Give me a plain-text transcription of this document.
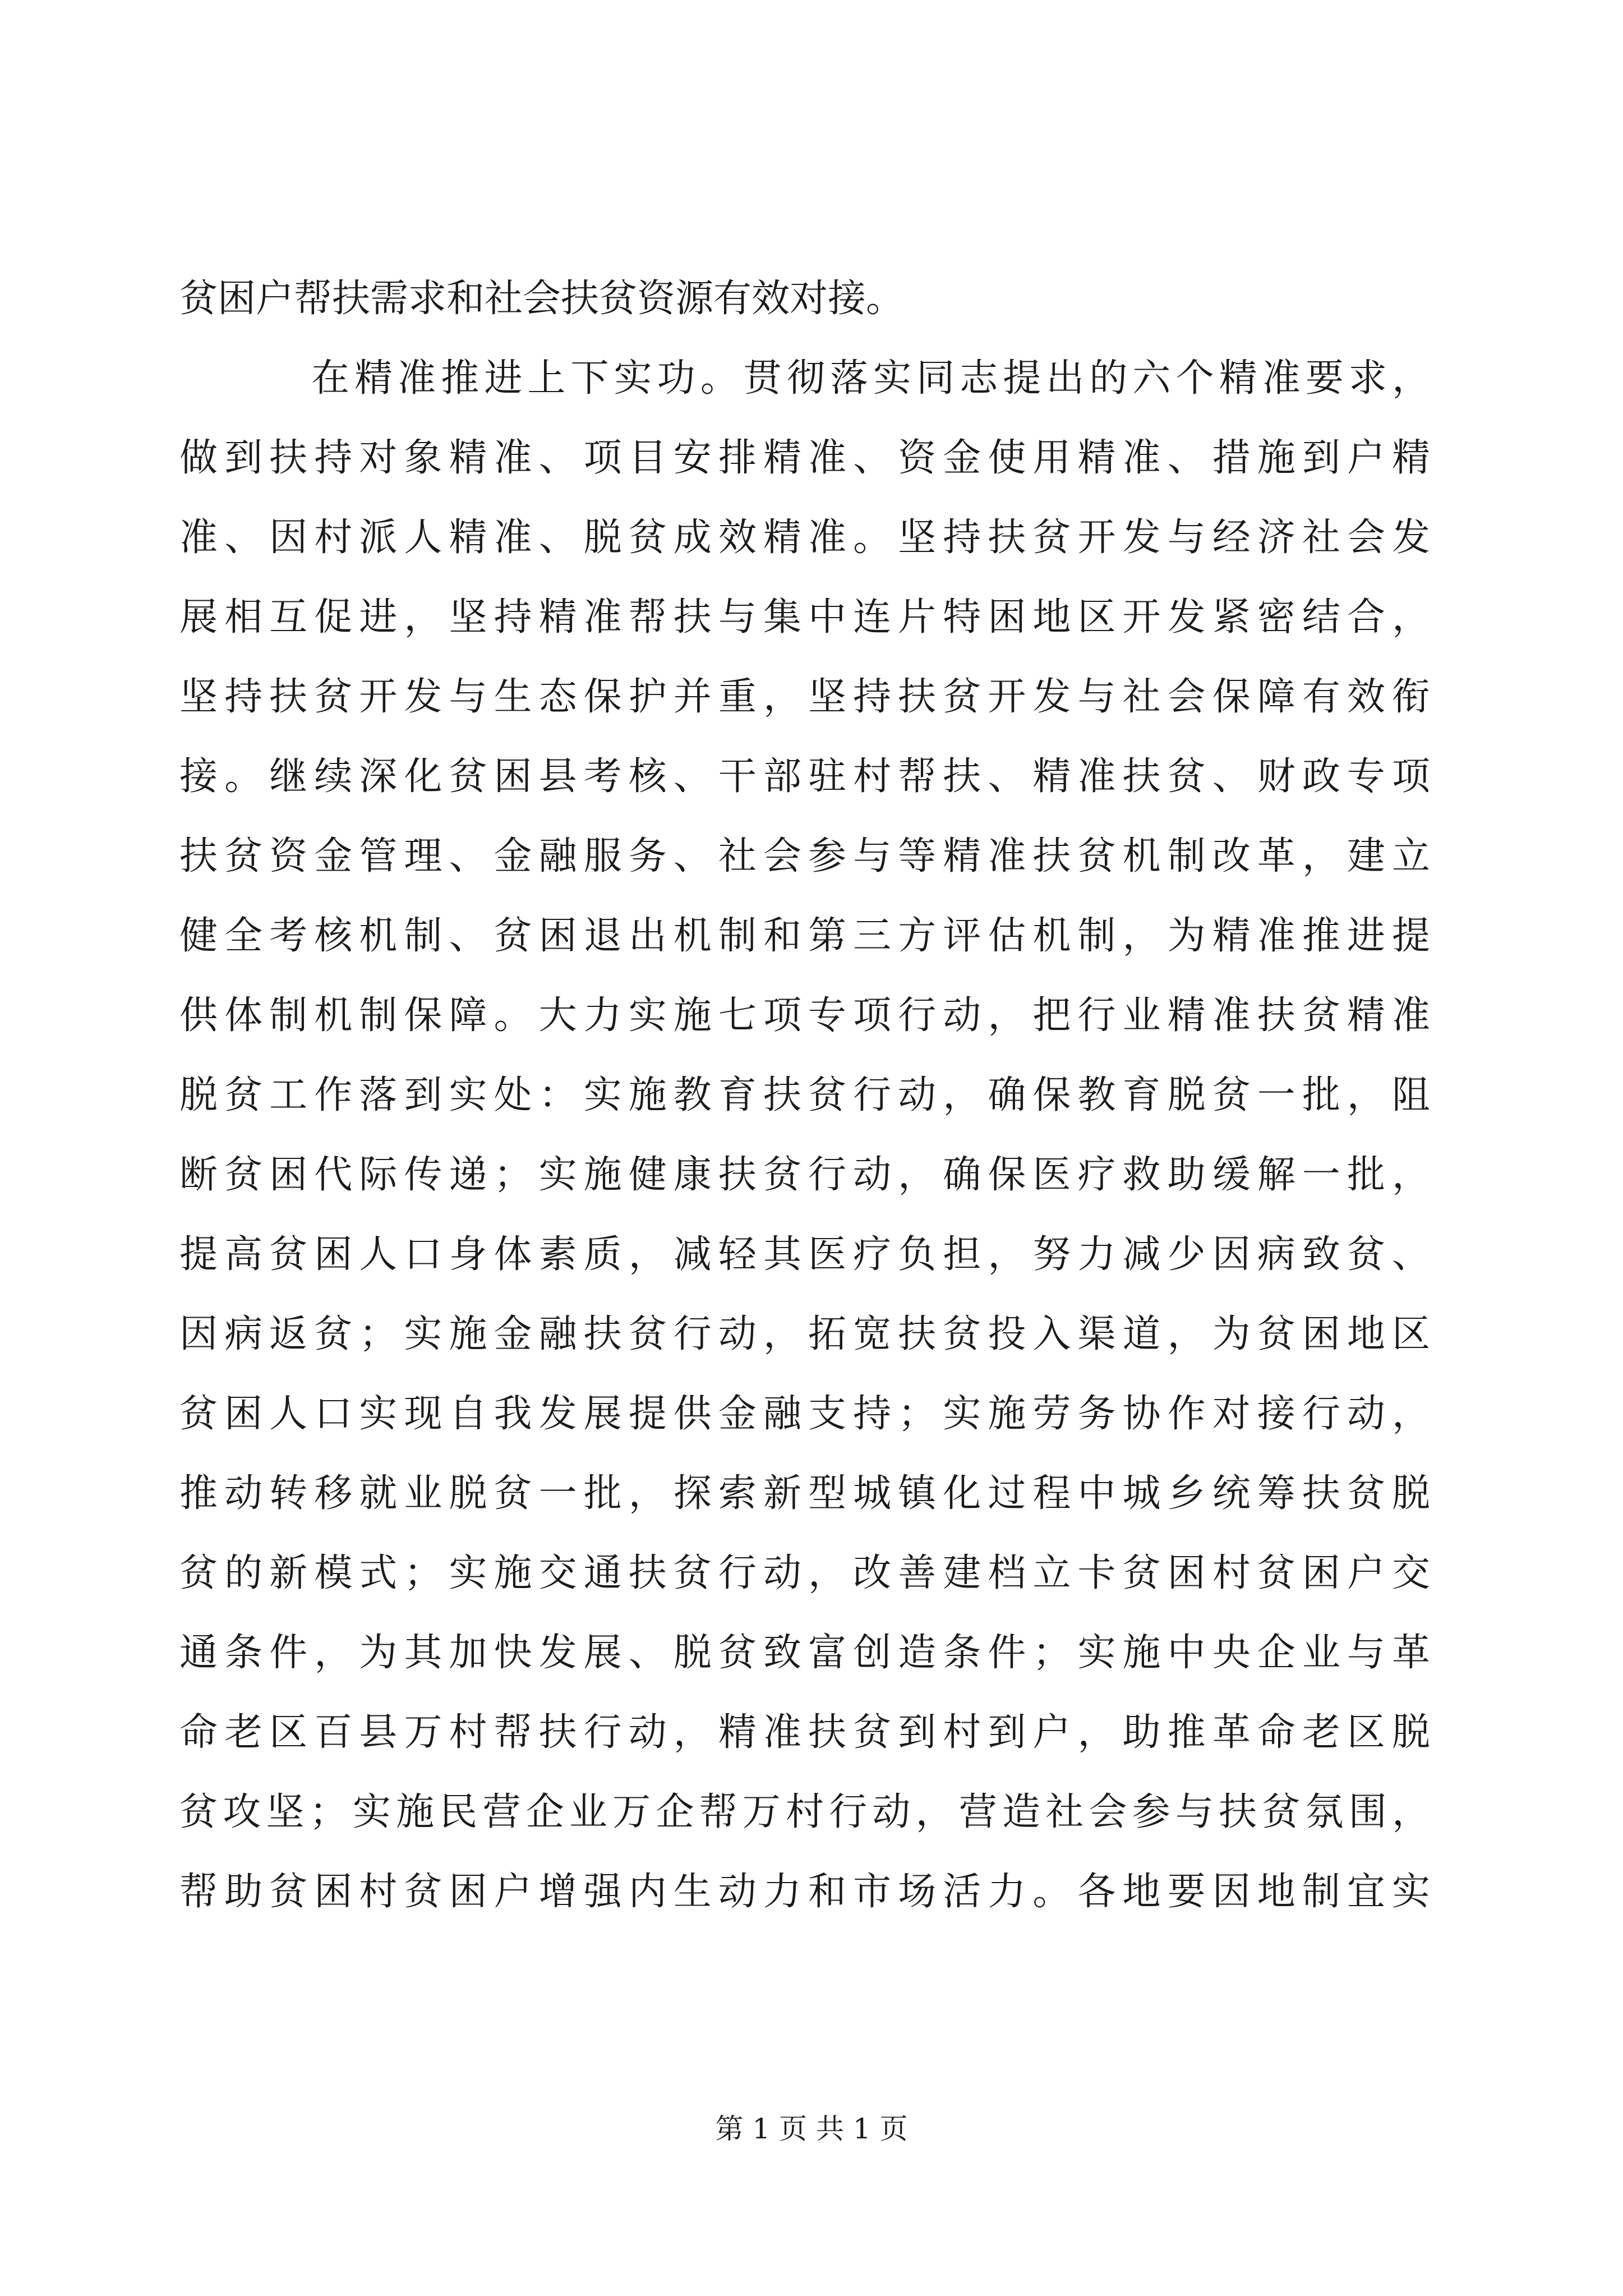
贫困户帮扶需求和社会扶贫资源有效对接。
在精准推进上下实功。贯彻落实同志提出的六个精准要求，
做到扶持对象精准、项目安排精准、资金使用精准、措施到户精
准、因村派人精准、脱贫成效精准。坚持扶贫开发与经济社会发
展相互促进，坚持精准帮扶与集中连片特困地区开发紧密结合，
坚持扶贫开发与生态保护并重，坚持扶贫开发与社会保障有效衔
接。继续深化贫困县考核、干部驻村帮扶、精准扶贫、财政专项
扶贫资金管理、金融服务、社会参与等精准扶贫机制改革，建立
健全考核机制、贫困退出机制和第三方评估机制，为精准推进提
供体制机制保障。大力实施七项专项行动，把行业精准扶贫精准
脱贫工作落到实处：实施教育扶贫行动，确保教育脱贫一批，阻
断贫困代际传递；实施健康扶贫行动，确保医疗救助缓解一批，
提高贫困人口身体素质，减轻其医疗负担，努力减少因病致贫、
因病返贫；实施金融扶贫行动，拓宽扶贫投入渠道，为贫困地区
贫困人口实现自我发展提供金融支持；实施劳务协作对接行动，
推动转移就业脱贫一批，探索新型城镇化过程中城乡统筹扶贫脱
贫的新模式；实施交通扶贫行动，改善建档立卡贫困村贫困户交
通条件，为其加快发展、脱贫致富创造条件；实施中央企业与革
命老区百县万村帮扶行动，精准扶贫到村到户，助推革命老区脱
贫攻坚；实施民营企业万企帮万村行动，营造社会参与扶贫氛围，
帮助贫困村贫困户增强内生动力和市场活力。各地要因地制宜实
第 1 页 共 1 页
